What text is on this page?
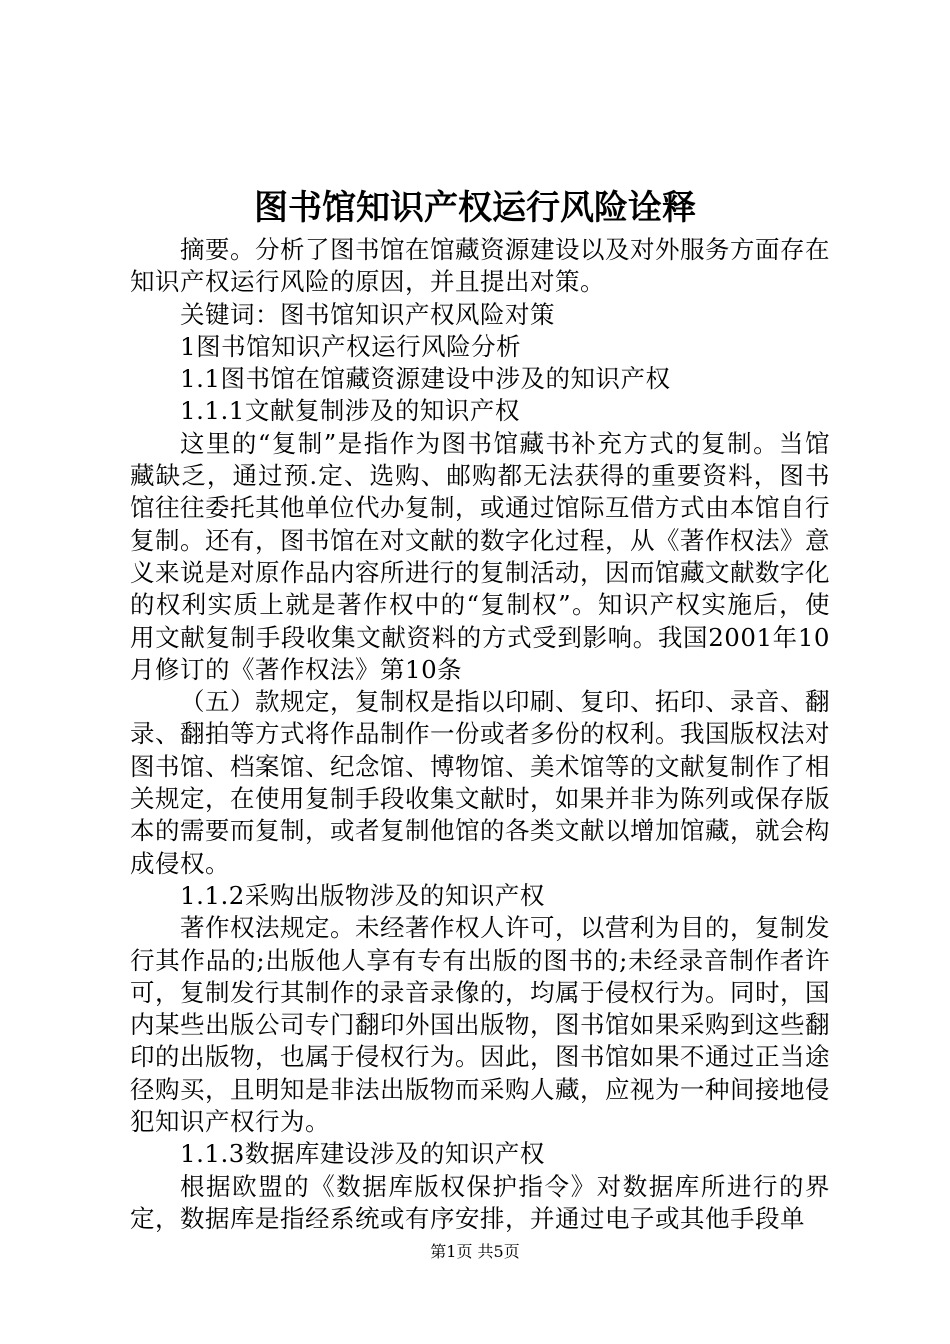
图书馆知识产权运行风险诠释

摘要。分析了图书馆在馆藏资源建设以及对外服务方面存在知识产权运行风险的原因，并且提出对策。

关键词：图书馆知识产权风险对策

1图书馆知识产权运行风险分析

1.1图书馆在馆藏资源建设中涉及的知识产权

1.1.1文献复制涉及的知识产权

这里的“复制”是指作为图书馆藏书补充方式的复制。当馆藏缺乏，通过预.定、选购、邮购都无法获得的重要资料，图书馆往往委托其他单位代办复制，或通过馆际互借方式由本馆自行复制。还有，图书馆在对文献的数字化过程，从《著作权法》意义来说是对原作品内容所进行的复制活动，因而馆藏文献数字化的权利实质上就是著作权中的“复制权”。知识产权实施后，使用文献复制手段收集文献资料的方式受到影响。我国2001年10月修订的《著作权法》第10条

（五）款规定，复制权是指以印刷、复印、拓印、录音、翻录、翻拍等方式将作品制作一份或者多份的权利。我国版权法对图书馆、档案馆、纪念馆、博物馆、美术馆等的文献复制作了相关规定，在使用复制手段收集文献时，如果并非为陈列或保存版本的需要而复制，或者复制他馆的各类文献以增加馆藏，就会构成侵权。

1.1.2采购出版物涉及的知识产权

著作权法规定。未经著作权人许可，以营利为目的，复制发行其作品的;出版他人享有专有出版的图书的;未经录音制作者许可，复制发行其制作的录音录像的，均属于侵权行为。同时，国内某些出版公司专门翻印外国出版物，图书馆如果采购到这些翻印的出版物，也属于侵权行为。因此，图书馆如果不通过正当途径购买，且明知是非法出版物而采购人藏，应视为一种间接地侵犯知识产权行为。

1.1.3数据库建设涉及的知识产权

根据欧盟的《数据库版权保护指令》对数据库所进行的界定，数据库是指经系统或有序安排，并通过电子或其他手段单

第1页 共5页
